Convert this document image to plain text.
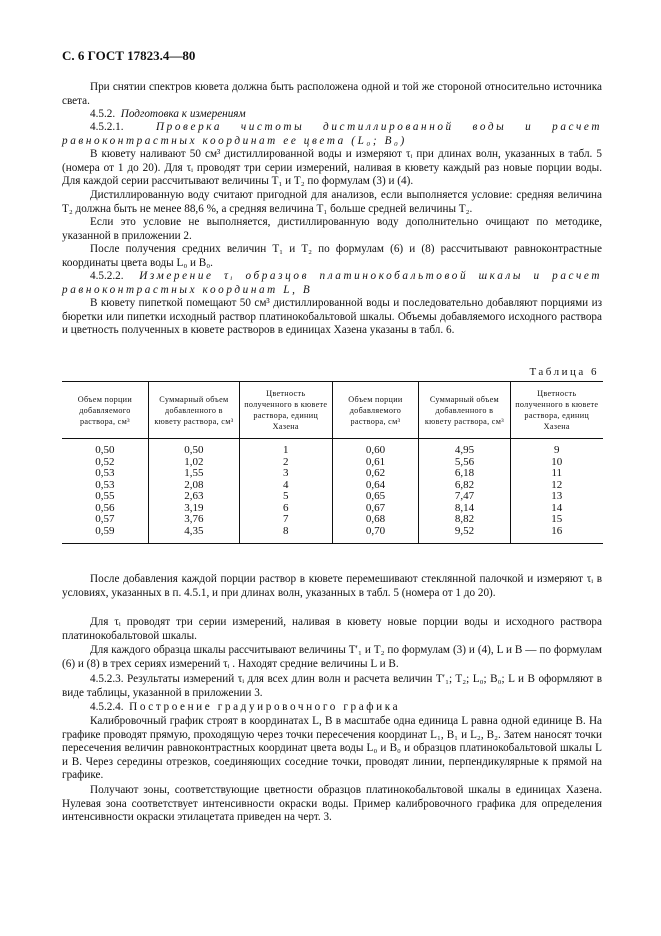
С. 6 ГОСТ 17823.4—80

При снятии спектров кювета должна быть расположена одной и той же стороной относительно источника света.

4.5.2. Подготовка к измерениям

4.5.2.1.	Проверка чистоты дистиллированной воды и расчет равноконтрастных координат ее цвета (L₀; B₀)

В кювету наливают 50 см³ дистиллированной воды и измеряют τᵢ при длинах волн, указанных в табл. 5 (номера от 1 до 20). Для τᵢ проводят три серии измерений, наливая в кювету каждый раз новые порции воды. Для каждой серии рассчитывают величины T₁ и T₂ по формулам (3) и (4).

Дистиллированную воду считают пригодной для анализов, если выполняется условие: средняя величина T₂ должна быть не менее 88,6 %, а средняя величина T₁ больше средней величины T₂.

Если это условие не выполняется, дистиллированную воду дополнительно очищают по методике, указанной в приложении 2.

После получения средних величин T₁ и T₂ по формулам (6) и (8) рассчитывают равноконтрастные координаты цвета воды L₀ и B₀.

4.5.2.2. Измерение τᵢ образцов платинокобальтовой шкалы и расчет равноконтрастных координат L, B

В кювету пипеткой помещают 50 см³ дистиллированной воды и последовательно добавляют порциями из бюретки или пипетки исходный раствор платинокобальтовой шкалы. Объемы добавляемого исходного раствора и цветность полученных в кювете растворов в единицах Хазена указаны в табл. 6.

Таблица 6
Объем порции добавляемого раствора, см³	Суммарный объем добавленного в кювету раствора, см³	Цветность полученного в кювете раствора, единиц Хазена	Объем порции добавляемого раствора, см³	Суммарный объем добавленного в кювету раствора, см³	Цветность полученного в кювете раствора, единиц Хазена
0,50	0,50	1	0,60	4,95	9
0,52	1,02	2	0,61	5,56	10
0,53	1,55	3	0,62	6,18	11
0,53	2,08	4	0,64	6,82	12
0,55	2,63	5	0,65	7,47	13
0,56	3,19	6	0,67	8,14	14
0,57	3,76	7	0,68	8,82	15
0,59	4,35	8	0,70	9,52	16

После добавления каждой порции раствор в кювете перемешивают стеклянной палочкой и измеряют τᵢ в условиях, указанных в п. 4.5.1, и при длинах волн, указанных в табл. 5 (номера от 1 до 20).

Для τᵢ проводят три серии измерений, наливая в кювету новые порции воды и исходного раствора платинокобальтовой шкалы.

Для каждого образца шкалы рассчитывают величины T′₁ и T₂ по формулам (3) и (4), L и B — по формулам (6) и (8) в трех сериях измерений τᵢ . Находят средние величины L и B.

4.5.2.3. Результаты измерений τᵢ для всех длин волн и расчета величин T′₁; T₂; L₀; B₀; L и B оформляют в виде таблицы, указанной в приложении 3.

4.5.2.4. Построение градуировочного графика

Калибровочный график строят в координатах L, B в масштабе одна единица L равна одной единице B. На графике проводят прямую, проходящую через точки пересечения координат L₁, B₁ и L₂, B₂. Затем наносят точки пересечения величин равноконтрастных координат цвета воды L₀ и B₀ и образцов платинокобальтовой шкалы L и B. Через середины отрезков, соединяющих соседние точки, проводят линии, перпендикулярные к прямой на графике.

Получают зоны, соответствующие цветности образцов платинокобальтовой шкалы в единицах Хазена. Нулевая зона соответствует интенсивности окраски воды. Пример калибровочного графика для определения интенсивности окраски этилацетата приведен на черт. 3.
